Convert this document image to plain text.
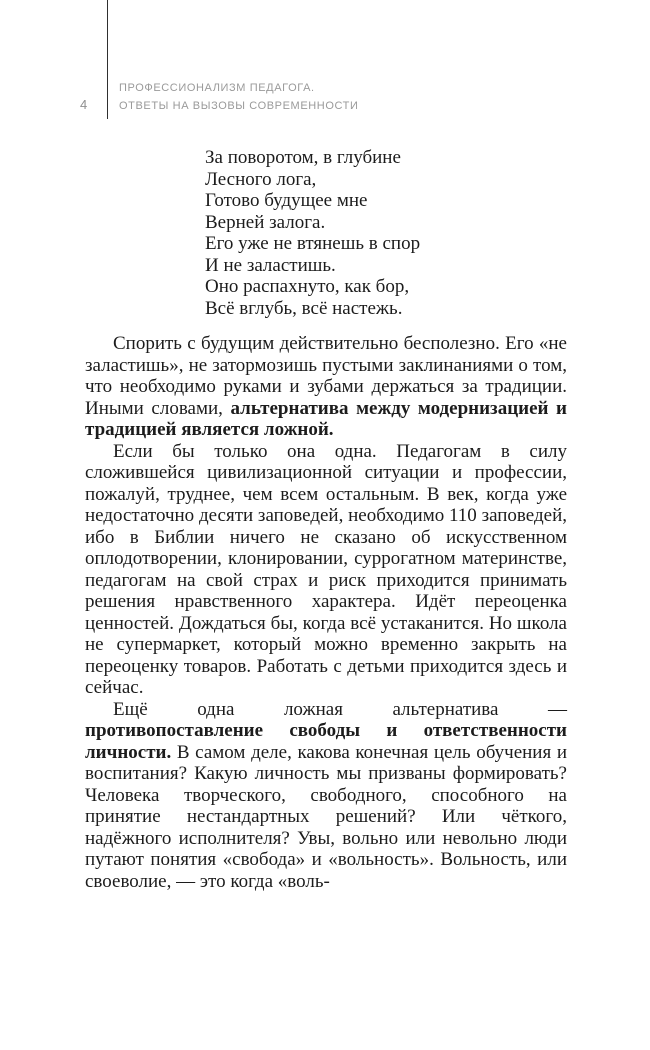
4
ПРОФЕССИОНАЛИЗМ ПЕДАГОГА.
ОТВЕТЫ НА ВЫЗОВЫ СОВРЕМЕННОСТИ
За поворотом, в глубине
Лесного лога,
Готово будущее мне
Верней залога.
Его уже не втянешь в спор
И не заластишь.
Оно распахнуто, как бор,
Всё вглубь, всё настежь.

Спорить с будущим действительно бесполезно. Его «не заластишь», не затормозишь пустыми заклинаниями о том, что необходимо руками и зубами держаться за традиции. Иными словами, альтернатива между модернизацией и традицией является ложной.

Если бы только она одна. Педагогам в силу сложившейся цивилизационной ситуации и профессии, пожалуй, труднее, чем всем остальным. В век, когда уже недостаточно десяти заповедей, необходимо 110 заповедей, ибо в Библии ничего не сказано об искусственном оплодотворении, клонировании, суррогатном материнстве, педагогам на свой страх и риск приходится принимать решения нравственного характера. Идёт переоценка ценностей. Дождаться бы, когда всё устаканится. Но школа не супермаркет, который можно временно закрыть на переоценку товаров. Работать с детьми приходится здесь и сейчас.

Ещё одна ложная альтернатива — противопоставление свободы и ответственности личности. В самом деле, какова конечная цель обучения и воспитания? Какую личность мы призваны формировать? Человека творческого, свободного, способного на принятие нестандартных решений? Или чёткого, надёжного исполнителя? Увы, вольно или невольно люди путают понятия «свобода» и «вольность». Вольность, или своеволие, — это когда «воль-
